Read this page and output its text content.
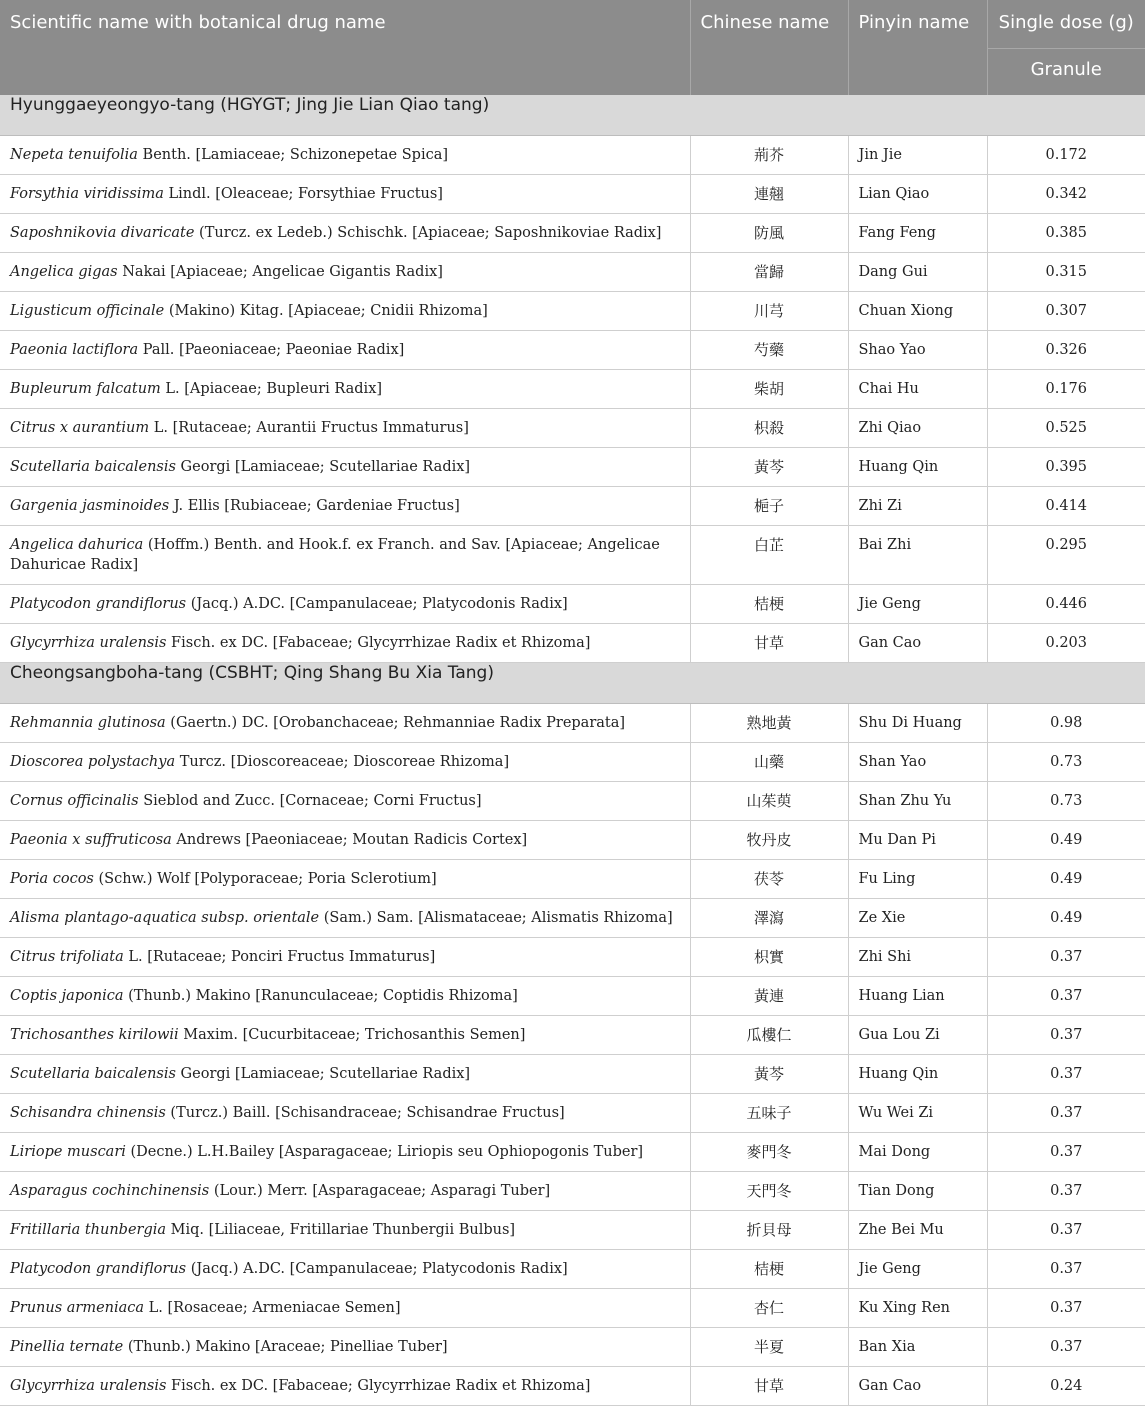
Scientific name with botanical drug name	Chinese name	Pinyin name	Single dose (g)
			Granule
Hyunggaeyeongyo-tang (HGYGT; Jing Jie Lian Qiao tang)			
Nepeta tenuifolia Benth. [Lamiaceae; Schizonepetae Spica]	荊芥	Jin Jie	0.172
Forsythia viridissima Lindl. [Oleaceae; Forsythiae Fructus]	連翹	Lian Qiao	0.342
Saposhnikovia divaricate (Turcz. ex Ledeb.) Schischk. [Apiaceae; Saposhnikoviae Radix]	防風	Fang Feng	0.385
Angelica gigas Nakai [Apiaceae; Angelicae Gigantis Radix]	當歸	Dang Gui	0.315
Ligusticum officinale (Makino) Kitag. [Apiaceae; Cnidii Rhizoma]	川芎	Chuan Xiong	0.307
Paeonia lactiflora Pall. [Paeoniaceae; Paeoniae Radix]	芍藥	Shao Yao	0.326
Bupleurum falcatum L. [Apiaceae; Bupleuri Radix]	柴胡	Chai Hu	0.176
Citrus x aurantium L. [Rutaceae; Aurantii Fructus Immaturus]	枳殺	Zhi Qiao	0.525
Scutellaria baicalensis Georgi [Lamiaceae; Scutellariae Radix]	黃芩	Huang Qin	0.395
Gargenia jasminoides J. Ellis [Rubiaceae; Gardeniae Fructus]	梔子	Zhi Zi	0.414
Angelica dahurica (Hoffm.) Benth. and Hook.f. ex Franch. and Sav. [Apiaceae; Angelicae Dahuricae Radix]	白芷	Bai Zhi	0.295
Platycodon grandiflorus (Jacq.) A.DC. [Campanulaceae; Platycodonis Radix]	桔梗	Jie Geng	0.446
Glycyrrhiza uralensis Fisch. ex DC. [Fabaceae; Glycyrrhizae Radix et Rhizoma]	甘草	Gan Cao	0.203
Cheongsangboha-tang (CSBHT; Qing Shang Bu Xia Tang)			
Rehmannia glutinosa (Gaertn.) DC. [Orobanchaceae; Rehmanniae Radix Preparata]	熟地黃	Shu Di Huang	0.98
Dioscorea polystachya Turcz. [Dioscoreaceae; Dioscoreae Rhizoma]	山藥	Shan Yao	0.73
Cornus officinalis Sieblod and Zucc. [Cornaceae; Corni Fructus]	山茱萸	Shan Zhu Yu	0.73
Paeonia x suffruticosa Andrews [Paeoniaceae; Moutan Radicis Cortex]	牧丹皮	Mu Dan Pi	0.49
Poria cocos (Schw.) Wolf [Polyporaceae; Poria Sclerotium]	茯苓	Fu Ling	0.49
Alisma plantago-aquatica subsp. orientale (Sam.) Sam. [Alismataceae; Alismatis Rhizoma]	澤瀉	Ze Xie	0.49
Citrus trifoliata L. [Rutaceae; Ponciri Fructus Immaturus]	枳實	Zhi Shi	0.37
Coptis japonica (Thunb.) Makino [Ranunculaceae; Coptidis Rhizoma]	黃連	Huang Lian	0.37
Trichosanthes kirilowii Maxim. [Cucurbitaceae; Trichosanthis Semen]	瓜樓仁	Gua Lou Zi	0.37
Scutellaria baicalensis Georgi [Lamiaceae; Scutellariae Radix]	黃芩	Huang Qin	0.37
Schisandra chinensis (Turcz.) Baill. [Schisandraceae; Schisandrae Fructus]	五味子	Wu Wei Zi	0.37
Liriope muscari (Decne.) L.H.Bailey [Asparagaceae; Liriopis seu Ophiopogonis Tuber]	麥門冬	Mai Dong	0.37
Asparagus cochinchinensis (Lour.) Merr. [Asparagaceae; Asparagi Tuber]	天門冬	Tian Dong	0.37
Fritillaria thunbergia Miq. [Liliaceae, Fritillariae Thunbergii Bulbus]	折貝母	Zhe Bei Mu	0.37
Platycodon grandiflorus (Jacq.) A.DC. [Campanulaceae; Platycodonis Radix]	桔梗	Jie Geng	0.37
Prunus armeniaca L. [Rosaceae; Armeniacae Semen]	杏仁	Ku Xing Ren	0.37
Pinellia ternate (Thunb.) Makino [Araceae; Pinelliae Tuber]	半夏	Ban Xia	0.37
Glycyrrhiza uralensis Fisch. ex DC. [Fabaceae; Glycyrrhizae Radix et Rhizoma]	甘草	Gan Cao	0.24
